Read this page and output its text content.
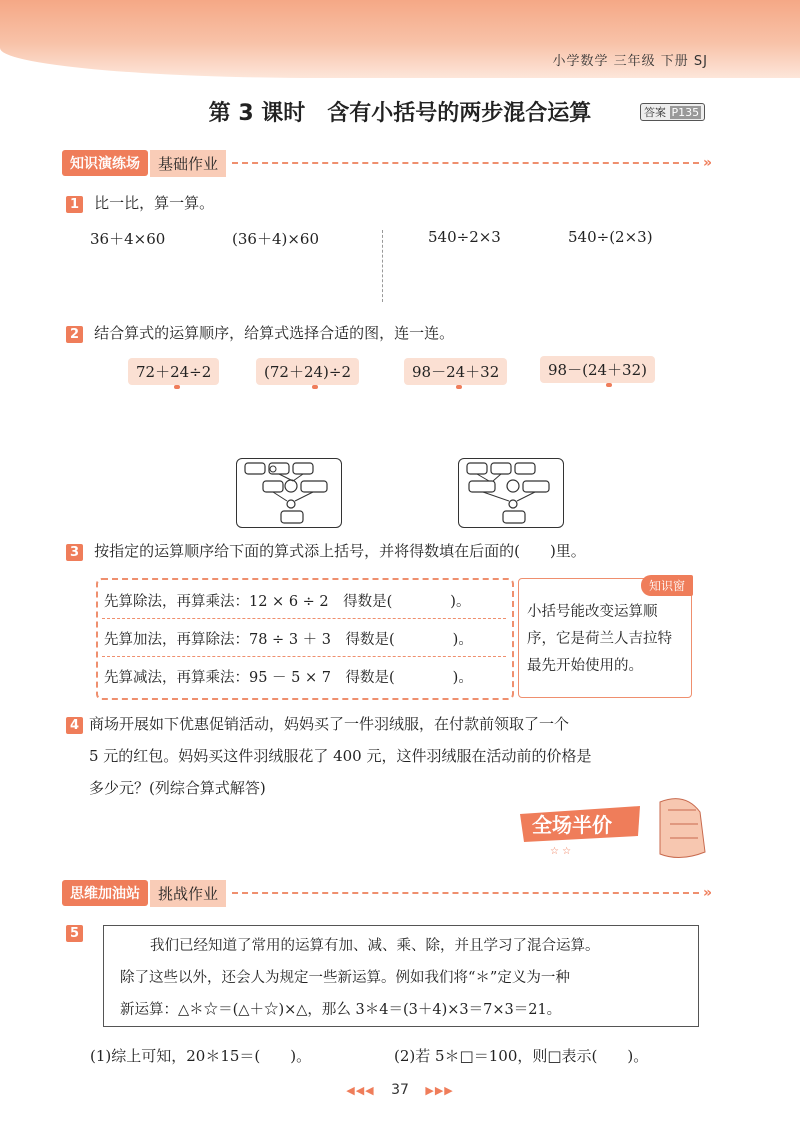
小学数学 三年级 下册 SJ
第 3 课时　含有小括号的两步混合运算	答案 P135
知识演练场	基础作业	»
1 比一比，算一算。
36＋4×60	(36＋4)×60	540÷2×3	540÷(2×3)
2 结合算式的运算顺序，给算式选择合适的图，连一连。
72＋24÷2	(72＋24)÷2	98－24＋32	98－(24＋32)
3 按指定的运算顺序给下面的算式添上括号，并将得数填在后面的(　　)里。
先算除法，再算乘法：12 × 6 ÷ 2　 得数是(　　　　)。
先算加法，再算除法：78 ÷ 3 ＋ 3　 得数是(　　　　)。
先算减法，再算乘法：95 － 5 × 7　 得数是(　　　　)。
知识窗
小括号能改变运算顺
序，它是荷兰人吉拉特
最先开始使用的。
4 商场开展如下优惠促销活动，妈妈买了一件羽绒服，在付款前领取了一个
5 元的红包。妈妈买这件羽绒服花了 400 元，这件羽绒服在活动前的价格是
多少元？(列综合算式解答)
☆ ☆
全场半价
思维加油站	挑战作业	»
5
我们已经知道了常用的运算有加、减、乘、除，并且学习了混合运算。
除了这些以外，还会人为规定一些新运算。例如我们将“＊”定义为一种
新运算：△＊☆＝(△＋☆)×△，那么 3＊4＝(3＋4)×3＝7×3＝21。
(1)综上可知，20＊15＝(　　)。	(2)若 5＊□＝100，则□表示(　　)。
◀◀◀ 37 ▶▶▶
